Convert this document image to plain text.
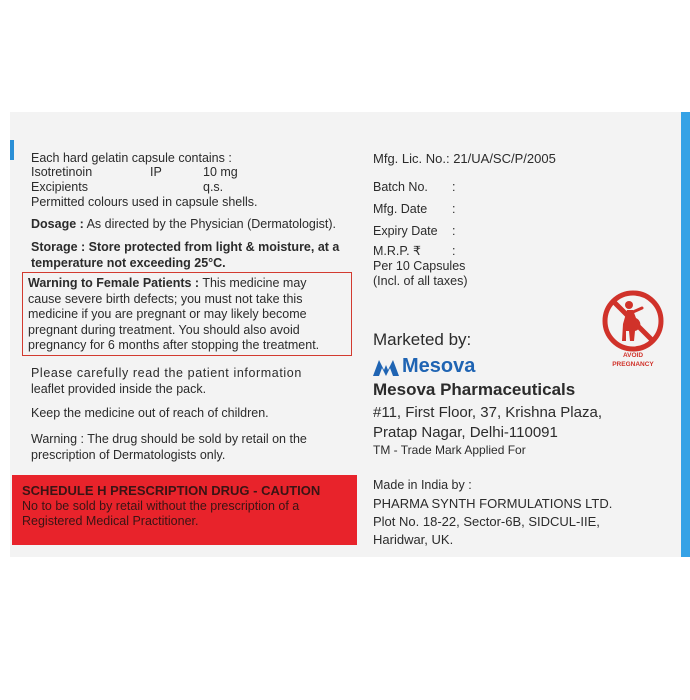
Each hard gelatin capsule contains :
Isotretinoin	IP	10 mg
Excipients	q.s.
Permitted colours used in capsule shells.
Dosage : As directed by the Physician (Dermatologist).
Storage : Store protected from light & moisture, at a
temperature not exceeding 25°C.
Warning to Female Patients : This medicine may
cause severe birth defects; you must not take this
medicine if you are pregnant or may likely become
pregnant during treatment. You should also avoid
pregnancy for 6 months after stopping the treatment.
Please carefully read the patient information
leaflet provided inside the pack.
Keep the medicine out of reach of children.
Warning : The drug should be sold by retail on the
prescription of Dermatologists only.
SCHEDULE H PRESCRIPTION DRUG - CAUTION
No to be sold by retail without the prescription of a
Registered Medical Practitioner.
Mfg. Lic. No.: 21/UA/SC/P/2005
Batch No. :
Mfg. Date :
Expiry Date :
M.R.P. ₹ :
Per 10 Capsules
(Incl. of all taxes)
Marketed by:
Mesova
Mesova Pharmaceuticals
#11, First Floor, 37, Krishna Plaza,
Pratap Nagar, Delhi-110091
TM - Trade Mark Applied For
Made in India by :
PHARMA SYNTH FORMULATIONS LTD.
Plot No. 18-22, Sector-6B, SIDCUL-IIE,
Haridwar, UK.
AVOID
PREGNANCY
